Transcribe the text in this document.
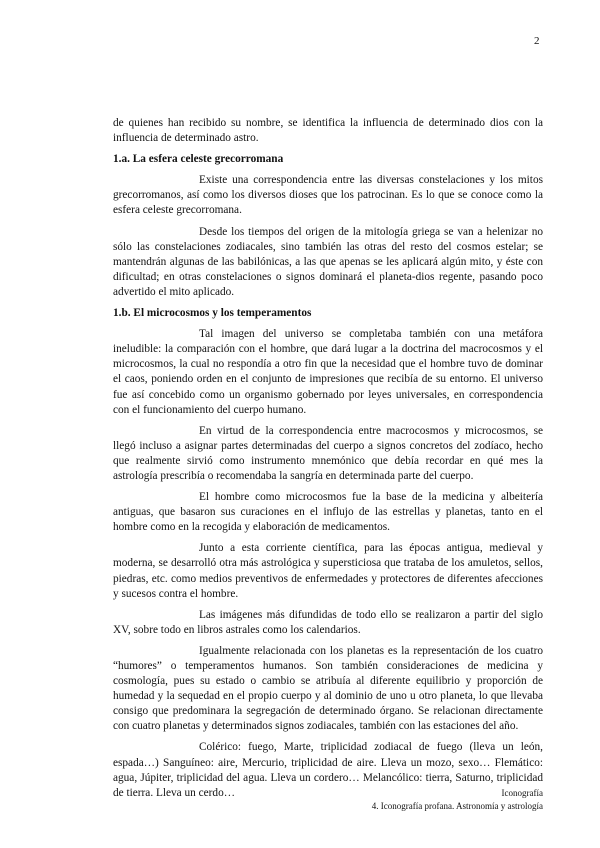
2

de quienes han recibido su nombre, se identifica la influencia de determinado dios con la influencia de determinado astro.

1.a. La esfera celeste grecorromana

Existe una correspondencia entre las diversas constelaciones y los mitos grecorromanos, así como los diversos dioses que los patrocinan. Es lo que se conoce como la esfera celeste grecorromana.

Desde los tiempos del origen de la mitología griega se van a helenizar no sólo las constelaciones zodiacales, sino también las otras del resto del cosmos estelar; se mantendrán algunas de las babilónicas, a las que apenas se les aplicará algún mito, y éste con dificultad; en otras constelaciones o signos dominará el planeta-dios regente, pasando poco advertido el mito aplicado.

1.b. El microcosmos y los temperamentos

Tal imagen del universo se completaba también con una metáfora ineludible: la comparación con el hombre, que dará lugar a la doctrina del macrocosmos y el microcosmos, la cual no respondía a otro fin que la necesidad que el hombre tuvo de dominar el caos, poniendo orden en el conjunto de impresiones que recibía de su entorno. El universo fue así concebido como un organismo gobernado por leyes universales, en correspondencia con el funcionamiento del cuerpo humano.

En virtud de la correspondencia entre macrocosmos y microcosmos, se llegó incluso a asignar partes determinadas del cuerpo a signos concretos del zodíaco, hecho que realmente sirvió como instrumento mnemónico que debía recordar en qué mes la astrología prescribía o recomendaba la sangría en determinada parte del cuerpo.

El hombre como microcosmos fue la base de la medicina y albeitería antiguas, que basaron sus curaciones en el influjo de las estrellas y planetas, tanto en el hombre como en la recogida y elaboración de medicamentos.

Junto a esta corriente científica, para las épocas antigua, medieval y moderna, se desarrolló otra más astrológica y supersticiosa que trataba de los amuletos, sellos, piedras, etc. como medios preventivos de enfermedades y protectores de diferentes afecciones y sucesos contra el hombre.

Las imágenes más difundidas de todo ello se realizaron a partir del siglo XV, sobre todo en libros astrales como los calendarios.

Igualmente relacionada con los planetas es la representación de los cuatro “humores” o temperamentos humanos. Son también consideraciones de medicina y cosmología, pues su estado o cambio se atribuía al diferente equilibrio y proporción de humedad y la sequedad en el propio cuerpo y al dominio de uno u otro planeta, lo que llevaba consigo que predominara la segregación de determinado órgano. Se relacionan directamente con cuatro planetas y determinados signos zodiacales, también con las estaciones del año.

Colérico: fuego, Marte, triplicidad zodiacal de fuego (lleva un león, espada…) Sanguíneo: aire, Mercurio, triplicidad de aire. Lleva un mozo, sexo… Flemático: agua, Júpiter, triplicidad del agua. Lleva un cordero… Melancólico: tierra, Saturno, triplicidad de tierra. Lleva un cerdo…	Iconografía
4. Iconografía profana. Astronomía y astrología
